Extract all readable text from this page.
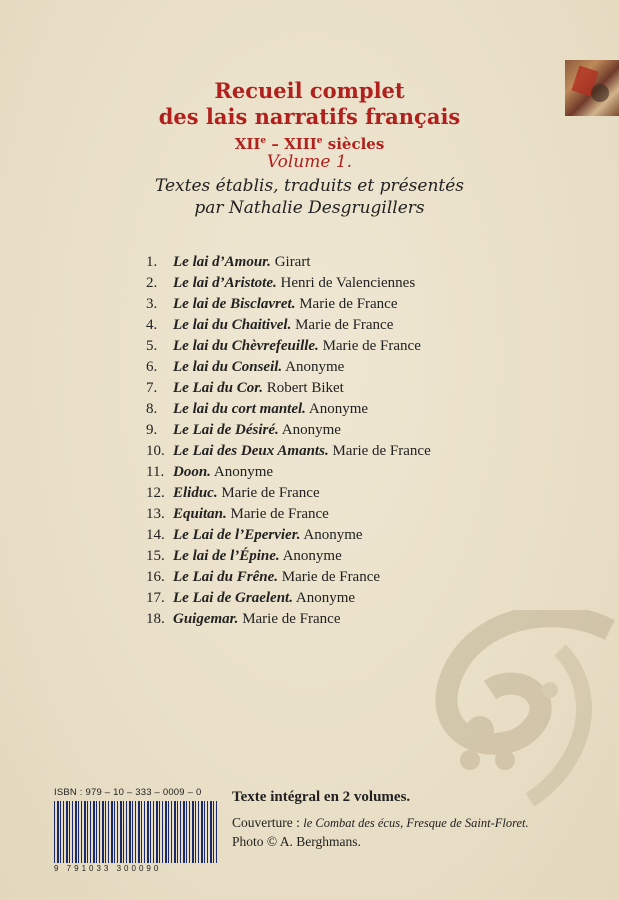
Recueil complet
des lais narratifs français
XIIe – XIIIe siècles
Volume 1.
Textes établis, traduits et présentés
par Nathalie Desgrugillers
1. Le lai d’Amour. Girart
2. Le lai d’Aristote. Henri de Valenciennes
3. Le lai de Bisclavret. Marie de France
4. Le lai du Chaitivel. Marie de France
5. Le lai du Chèvrefeuille. Marie de France
6. Le lai du Conseil. Anonyme
7. Le Lai du Cor. Robert Biket
8. Le lai du cort mantel. Anonyme
9. Le Lai de Désiré. Anonyme
10. Le Lai des Deux Amants. Marie de France
11. Doon. Anonyme
12. Eliduc. Marie de France
13. Equitan. Marie de France
14. Le Lai de l’Epervier. Anonyme
15. Le lai de l’Épine. Anonyme
16. Le Lai du Frêne. Marie de France
17. Le Lai de Graelent. Anonyme
18. Guigemar. Marie de France
ISBN : 979 – 10 – 333 – 0009 – 0
9 791033 300090
Texte intégral en 2 volumes.
Couverture : le Combat des écus, Fresque de Saint-Floret.
Photo © A. Berghmans.
